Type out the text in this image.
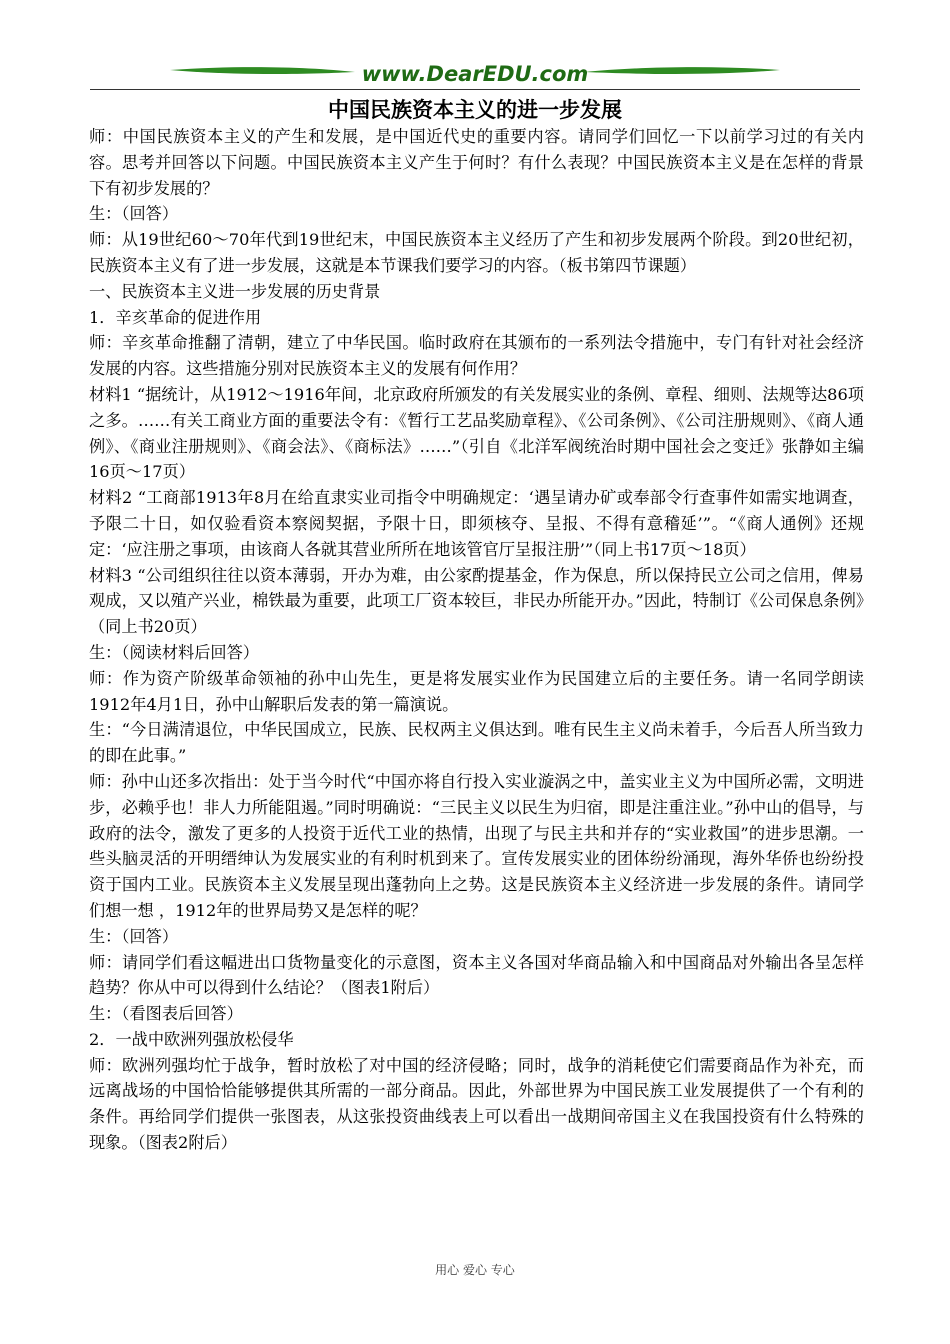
www.DearEDU.com
中国民族资本主义的进一步发展

师：中国民族资本主义的产生和发展，是中国近代史的重要内容。请同学们回忆一下以前学习过的有关内容。思考并回答以下问题。中国民族资本主义产生于何时？有什么表现？中国民族资本主义是在怎样的背景下有初步发展的？

生：（回答）

师：从19世纪60～70年代到19世纪末，中国民族资本主义经历了产生和初步发展两个阶段。到20世纪初，民族资本主义有了进一步发展，这就是本节课我们要学习的内容。（板书第四节课题）

一、民族资本主义进一步发展的历史背景

1．辛亥革命的促进作用

师：辛亥革命推翻了清朝，建立了中华民国。临时政府在其颁布的一系列法令措施中，专门有针对社会经济发展的内容。这些措施分别对民族资本主义的发展有何作用？

材料1 “据统计，从1912～1916年间，北京政府所颁发的有关发展实业的条例、章程、细则、法规等达86项之多。……有关工商业方面的重要法令有：《暂行工艺品奖励章程》、《公司条例》、《公司注册规则》、《商人通例》、《商业注册规则》、《商会法》、《商标法》……”（引自《北洋军阀统治时期中国社会之变迁》张静如主编16页～17页）

材料2 “工商部1913年8月在给直隶实业司指令中明确规定：‘遇呈请办矿或奉部令行查事件如需实地调查，予限二十日，如仅验看资本察阅契据，予限十日，即须核夺、呈报、不得有意稽延’”。“《商人通例》还规定：‘应注册之事项，由该商人各就其营业所所在地该管官厅呈报注册’”（同上书17页～18页）

材料3 “公司组织往往以资本薄弱，开办为难，由公家酌提基金，作为保息，所以保持民立公司之信用，俾易观成，又以殖产兴业，棉铁最为重要，此项工厂资本较巨，非民办所能开办。”因此，特制订《公司保息条例》（同上书20页）

生：（阅读材料后回答）

师：作为资产阶级革命领袖的孙中山先生，更是将发展实业作为民国建立后的主要任务。请一名同学朗读1912年4月1日，孙中山解职后发表的第一篇演说。

生：“今日满清退位，中华民国成立，民族、民权两主义俱达到。唯有民生主义尚未着手，今后吾人所当致力的即在此事。”

师：孙中山还多次指出：处于当今时代“中国亦将自行投入实业漩涡之中，盖实业主义为中国所必需，文明进步，必赖乎也！非人力所能阻遏。”同时明确说：“三民主义以民生为归宿，即是注重注业。”孙中山的倡导，与政府的法令，激发了更多的人投资于近代工业的热情，出现了与民主共和并存的“实业救国”的进步思潮。一些头脑灵活的开明缙绅认为发展实业的有利时机到来了。宣传发展实业的团体纷纷涌现，海外华侨也纷纷投资于国内工业。民族资本主义发展呈现出蓬勃向上之势。这是民族资本主义经济进一步发展的条件。请同学们想一想 ，1912年的世界局势又是怎样的呢？

生：（回答）

师：请同学们看这幅进出口货物量变化的示意图，资本主义各国对华商品输入和中国商品对外输出各呈怎样趋势？你从中可以得到什么结论？（图表1附后）

生：（看图表后回答）

2．一战中欧洲列强放松侵华

师：欧洲列强均忙于战争，暂时放松了对中国的经济侵略；同时，战争的消耗使它们需要商品作为补充，而远离战场的中国恰恰能够提供其所需的一部分商品。因此，外部世界为中国民族工业发展提供了一个有利的条件。再给同学们提供一张图表，从这张投资曲线表上可以看出一战期间帝国主义在我国投资有什么特殊的现象。（图表2附后）

用心 爱心 专心
